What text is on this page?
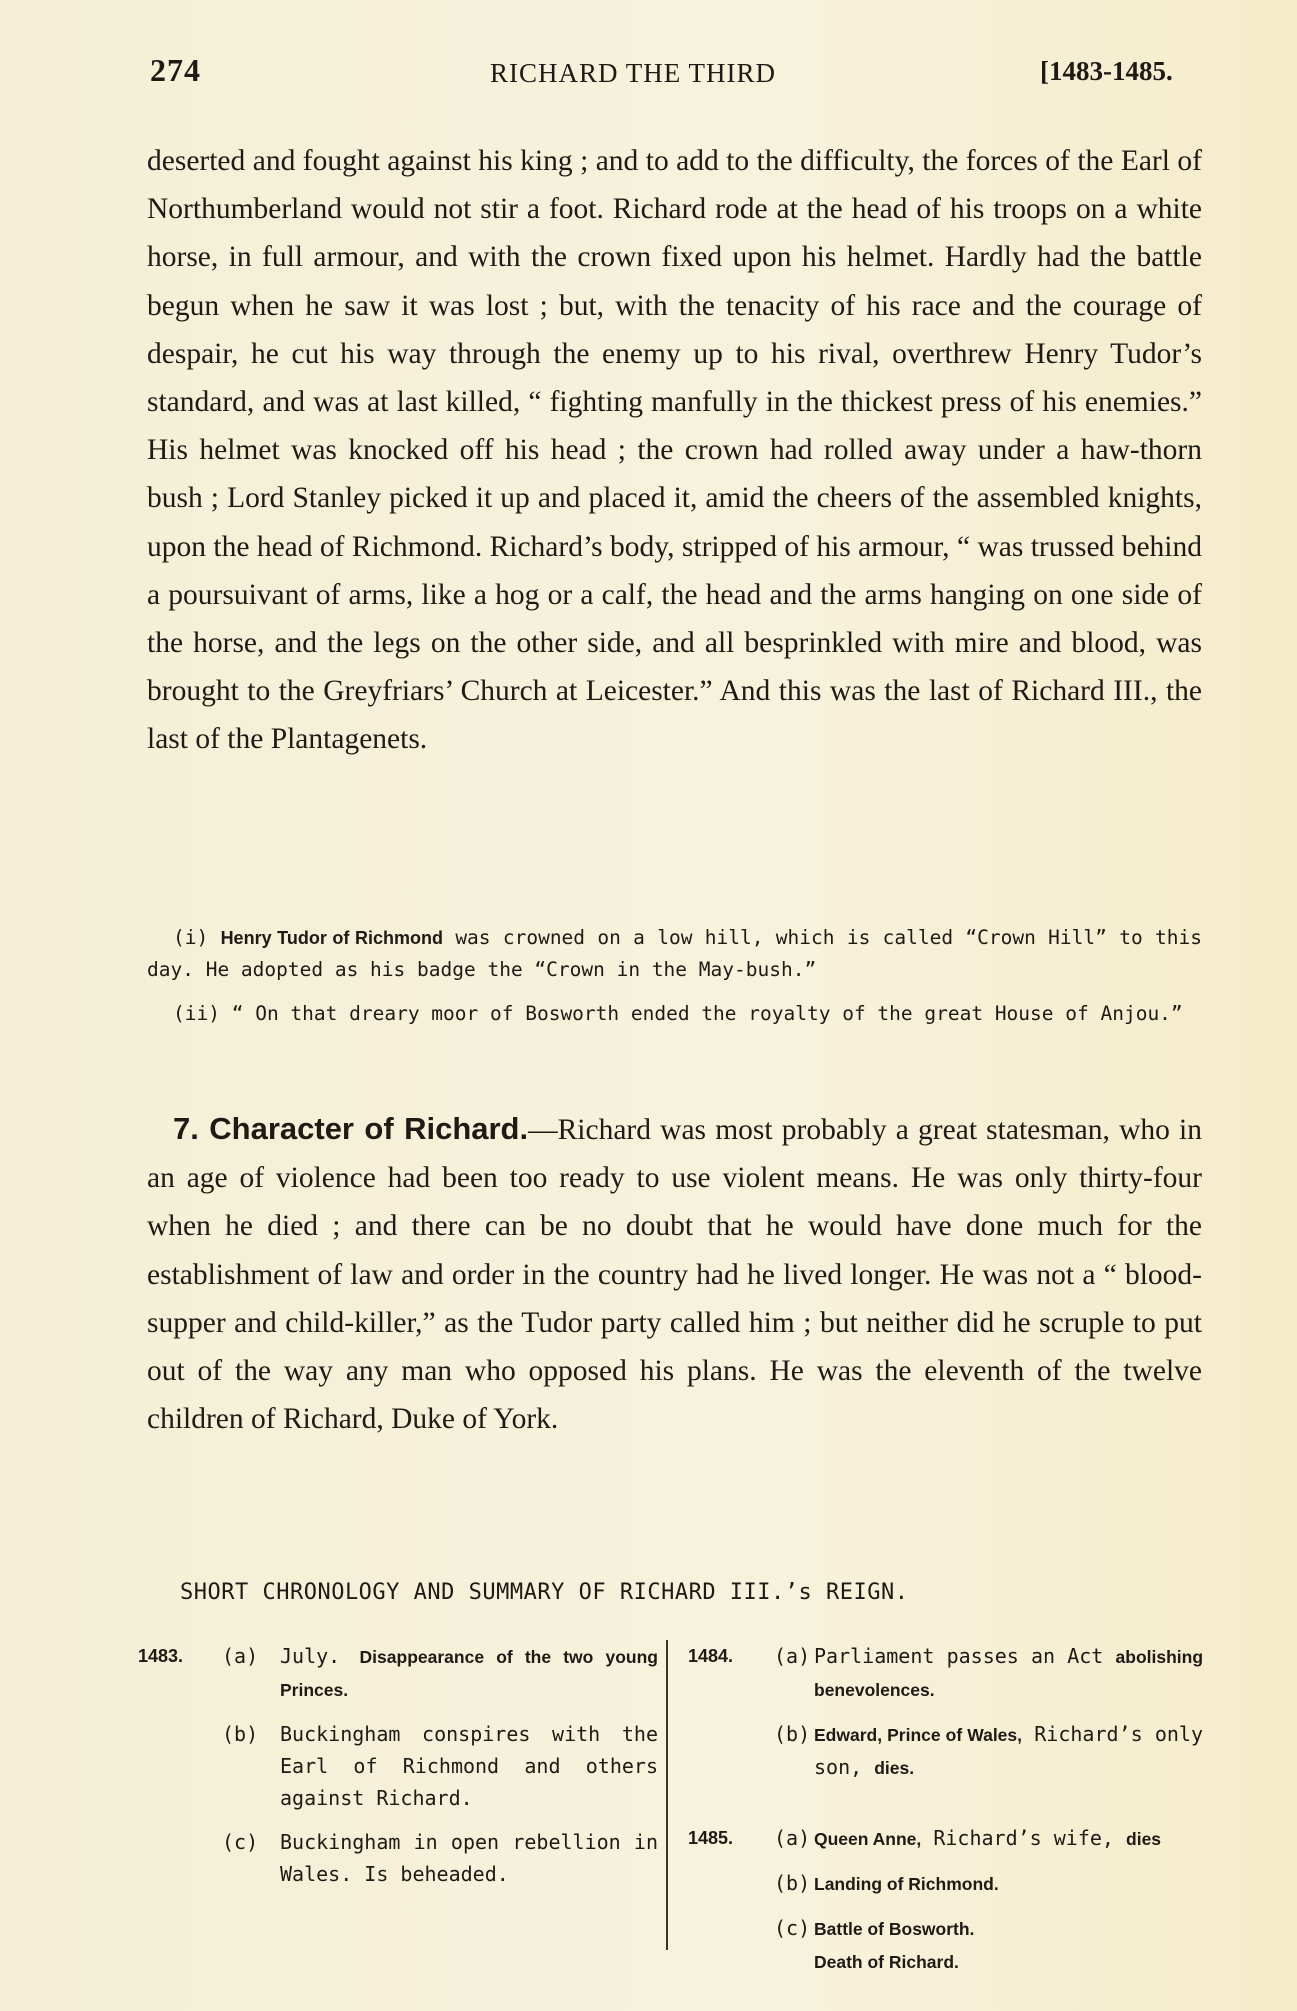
274	RICHARD THE THIRD	[1483-1485.
deserted and fought against his king ; and to add to the difficulty, the forces of the Earl of Northumberland would not stir a foot. Richard rode at the head of his troops on a white horse, in full armour, and with the crown fixed upon his helmet. Hardly had the battle begun when he saw it was lost ; but, with the tenacity of his race and the courage of despair, he cut his way through the enemy up to his rival, overthrew Henry Tudor’s standard, and was at last killed, “ fighting manfully in the thickest press of his enemies.” His helmet was knocked off his head ; the crown had rolled away under a haw-thorn bush ; Lord Stanley picked it up and placed it, amid the cheers of the assembled knights, upon the head of Richmond. Richard’s body, stripped of his armour, “ was trussed behind a poursuivant of arms, like a hog or a calf, the head and the arms hanging on one side of the horse, and the legs on the other side, and all besprinkled with mire and blood, was brought to the Greyfriars’ Church at Leicester.” And this was the last of Richard III., the last of the Plantagenets.
(i) Henry Tudor of Richmond was crowned on a low hill, which is called “Crown Hill” to this day. He adopted as his badge the “Crown in the May-bush.”
(ii) “ On that dreary moor of Bosworth ended the royalty of the great House of Anjou.”
7. Character of Richard.—Richard was most probably a great statesman, who in an age of violence had been too ready to use violent means. He was only thirty-four when he died ; and there can be no doubt that he would have done much for the establishment of law and order in the country had he lived longer. He was not a “ blood-supper and child-killer,” as the Tudor party called him ; but neither did he scruple to put out of the way any man who opposed his plans. He was the eleventh of the twelve children of Richard, Duke of York.
SHORT CHRONOLOGY AND SUMMARY OF RICHARD III.’s REIGN.
1483. (a) July. Disappearance of the two young Princes.
(b) Buckingham conspires with the Earl of Richmond and others against Richard.
(c) Buckingham in open rebellion in Wales. Is beheaded.
1484. (a) Parliament passes an Act abolishing benevolences.
(b) Edward, Prince of Wales, Richard’s only son, dies.
1485. (a) Queen Anne, Richard’s wife, dies
(b) Landing of Richmond.
(c) Battle of Bosworth.
Death of Richard.
